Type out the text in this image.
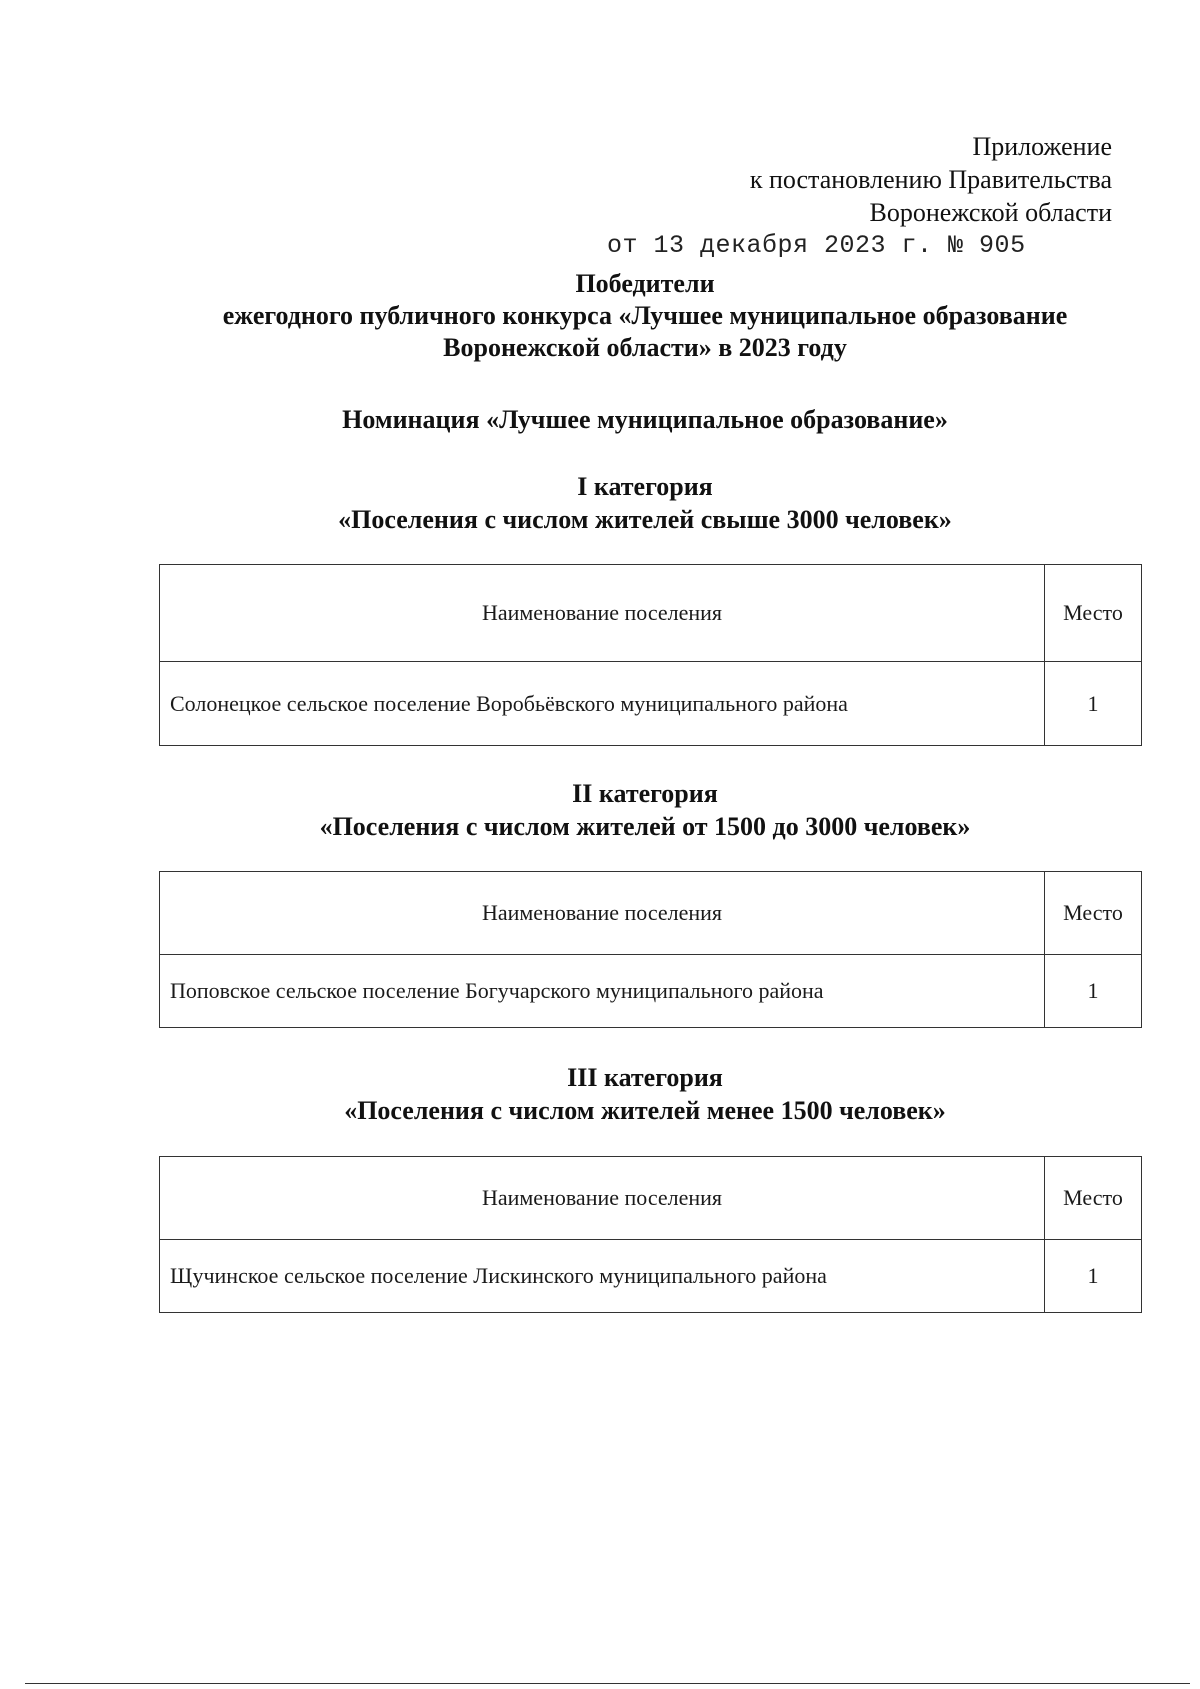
Приложение
к постановлению Правительства
Воронежской области
от 13 декабря 2023 г. № 905
Победители
ежегодного публичного конкурса «Лучшее муниципальное образование
Воронежской области» в 2023 году
Номинация «Лучшее муниципальное образование»
I категория
«Поселения с числом жителей свыше 3000 человек»
Наименование поселения	Место
Солонецкое сельское поселение Воробьёвского муниципального района	1
II категория
«Поселения с числом жителей от 1500 до 3000 человек»
Наименование поселения	Место
Поповское сельское поселение Богучарского муниципального района	1
III категория
«Поселения с числом жителей менее 1500 человек»
Наименование поселения	Место
Щучинское сельское поселение Лискинского муниципального района	1
